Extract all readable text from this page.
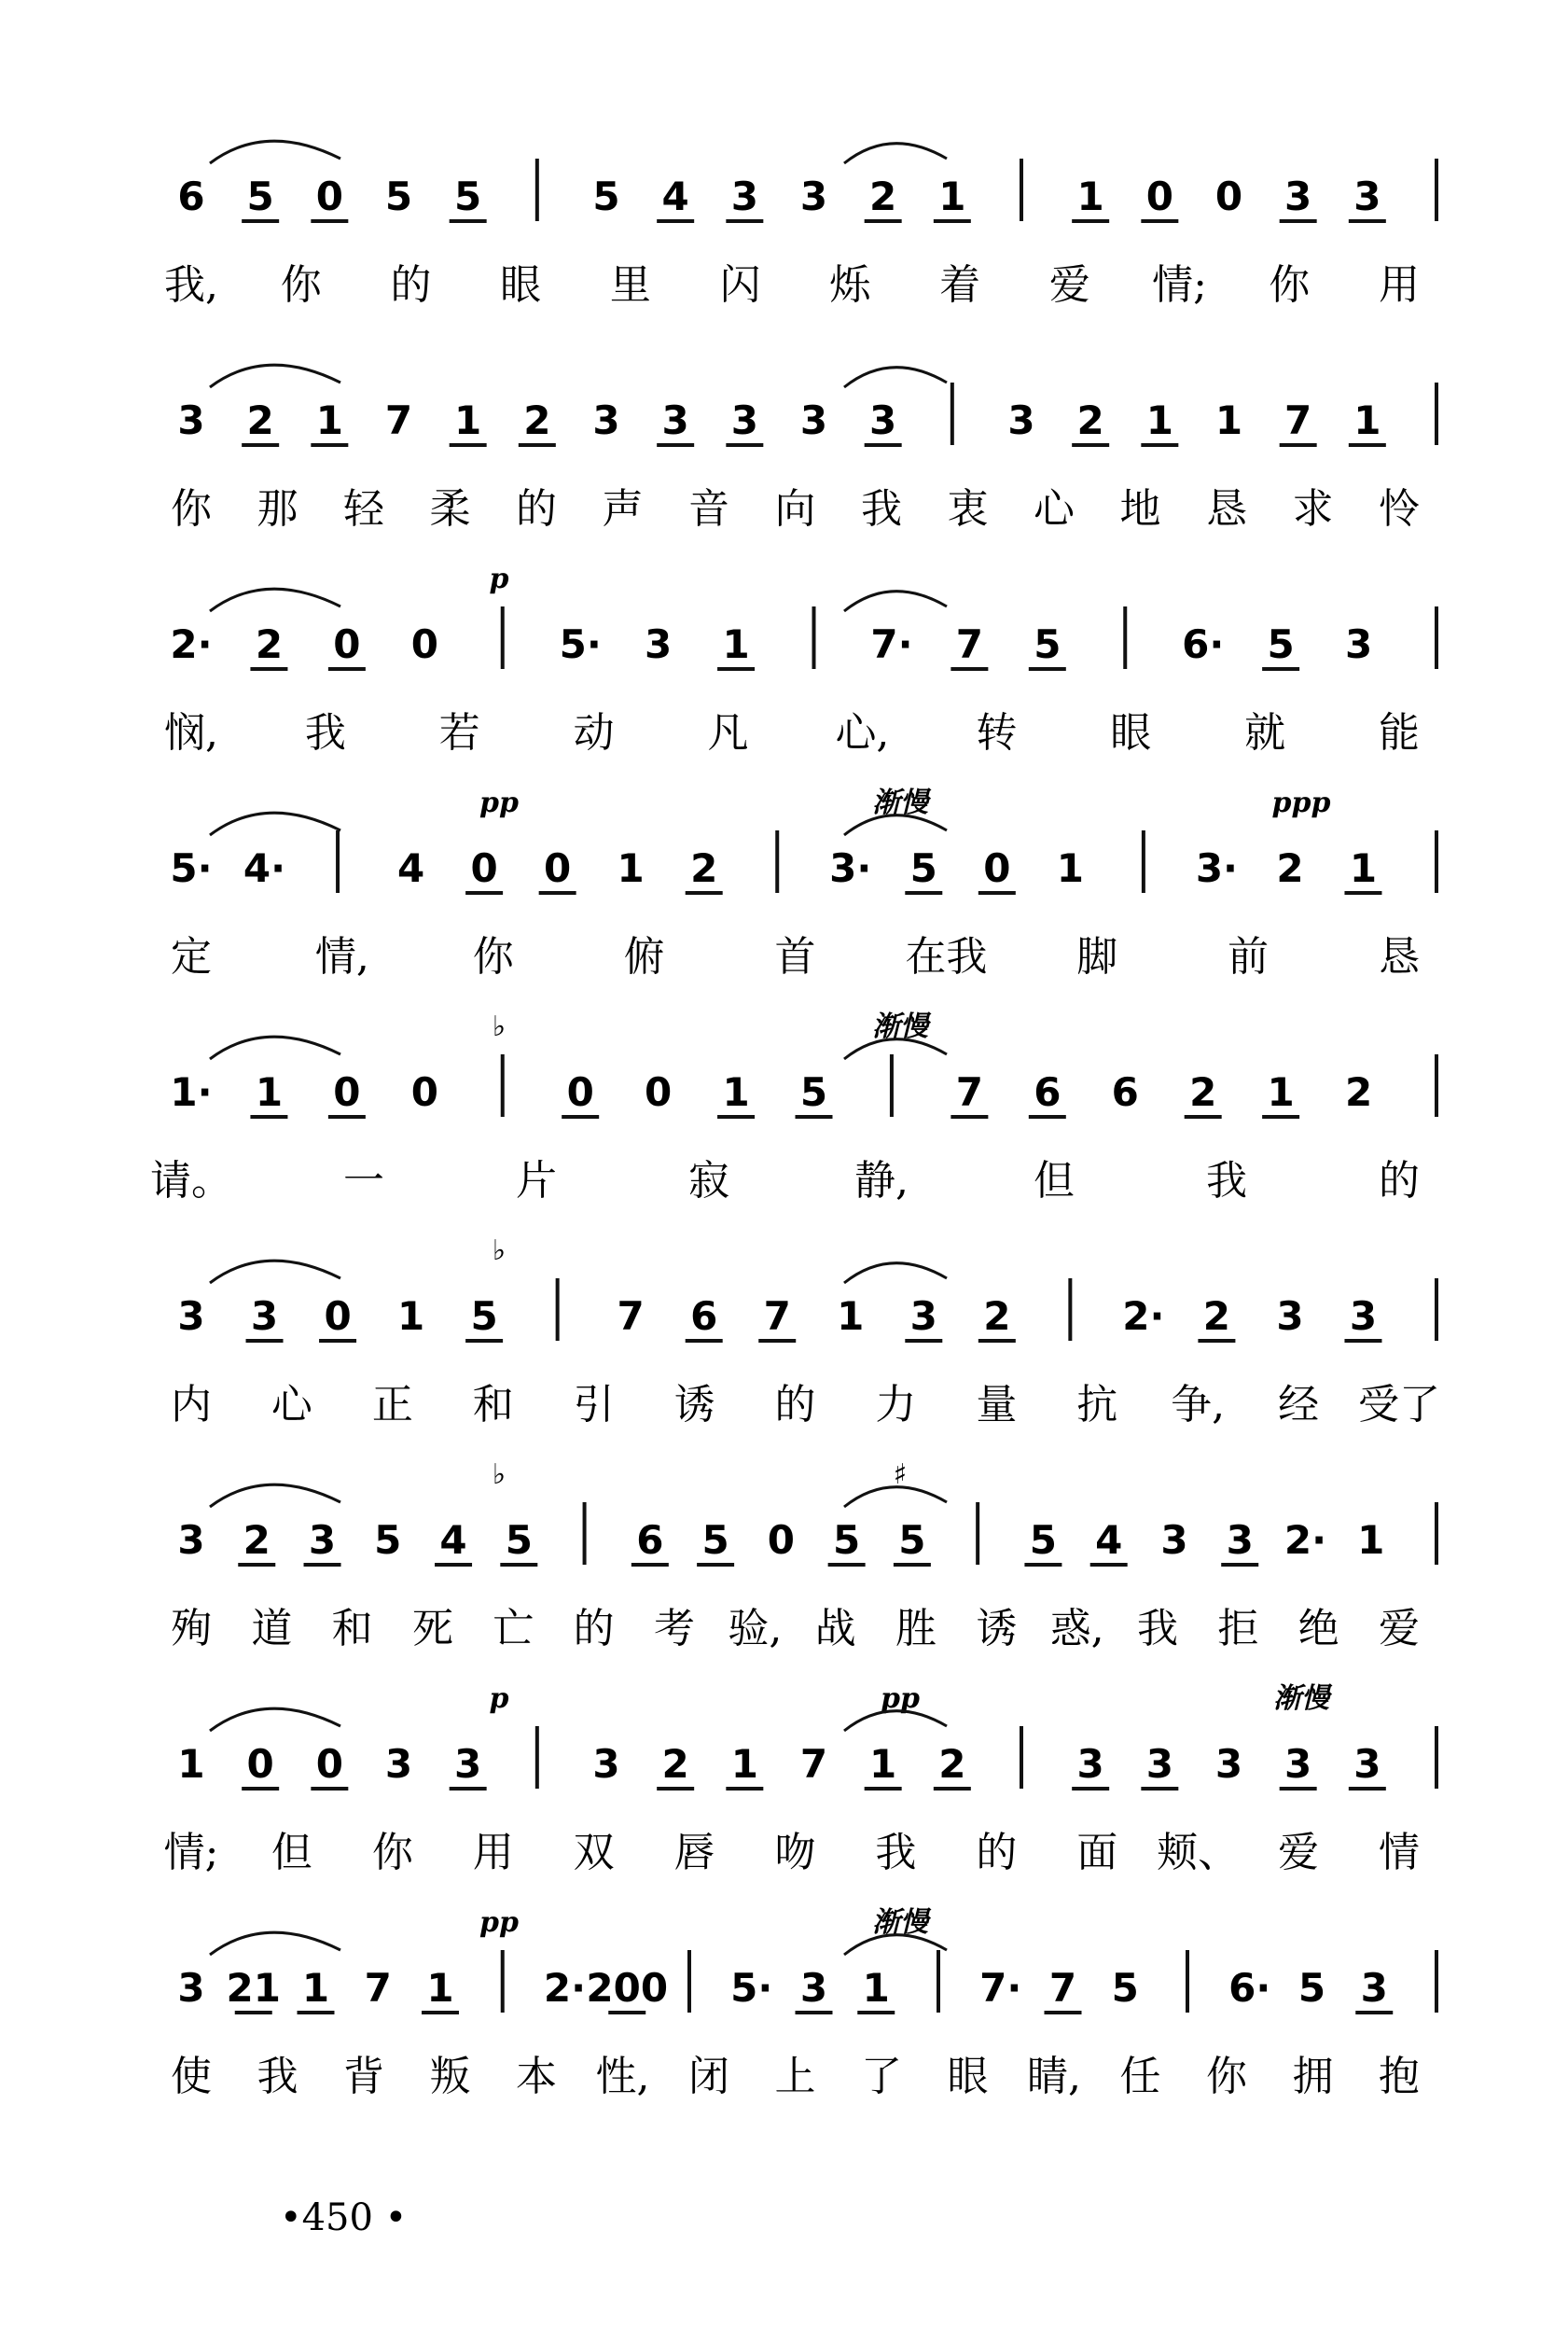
6 5 0 5 5	5 4 3 3 2 1	1 0 0 3 3
3 2 1 7 1 2 3 3 3 3 3	3 2 1 1 7 1
2· 2 0 0	5· 3 1	7· 7 5	6· 5 3
5· 4·	4 0 0 1 2	3· 5 0 1	3· 2 1
1· 1 0 0	0 0 1 5	7 6 6 2 1 2
3 3 0 1 5	7 6 7 1 3 2	2· 2 3 3
3 2 3 5 4 5	6 5 0 5 5	5 4 3 3 2· 1
1 0 0 3 3	3 2 1 7 1 2	3 3 3 3 3
3 21 1 7 1 2· 200 5· 3 1 7· 7 5 6· 5 3
我, 你 的 眼 里 闪 烁 着 爱 情; 你 用
你 那 轻 柔 的 声 音 向 我 衷 心 地 恳 求 怜
悯, 我 若 动 凡 心, 转 眼 就 能
定	情,	你	俯	首 在我 脚	前	恳
请。	一	片	寂	静,	但	我	的
内 心 正 和 引 诱 的 力 量 抗 争, 经 受了
殉 道 和 死 亡 的 考 验, 战 胜 诱 惑, 我 拒 绝 爱
情; 但 你 用 双 唇 吻 我 的 面 颊、 爱 情
使 我 背 叛 本 性, 闭 上 了 眼 睛, 任 你 拥 抱
p
pp	渐慢	ppp
♭	渐慢
♭
♭	♯
p	pp	渐慢
pp	渐慢
•450 •
